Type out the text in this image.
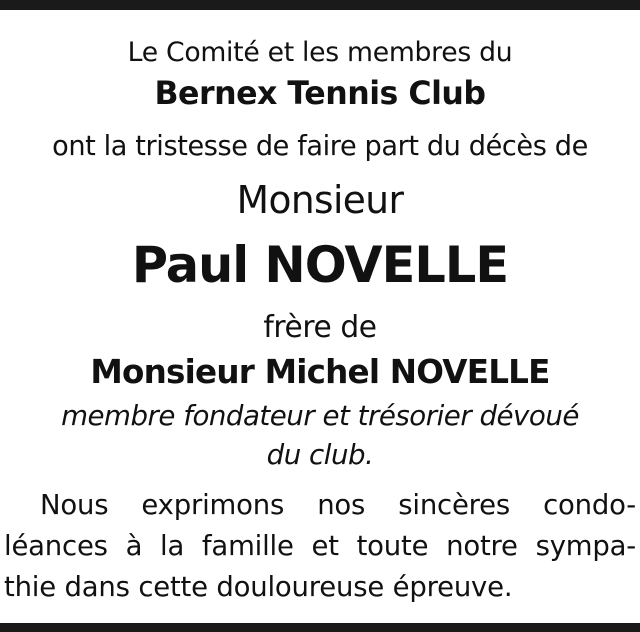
Le Comité et les membres du
Bernex Tennis Club
ont la tristesse de faire part du décès de
Monsieur
Paul NOVELLE
frère de
Monsieur Michel NOVELLE
membre fondateur et trésorier dévoué
du club.
Nous exprimons nos sincères condo-
léances à la famille et toute notre sympa-
thie dans cette douloureuse épreuve.
